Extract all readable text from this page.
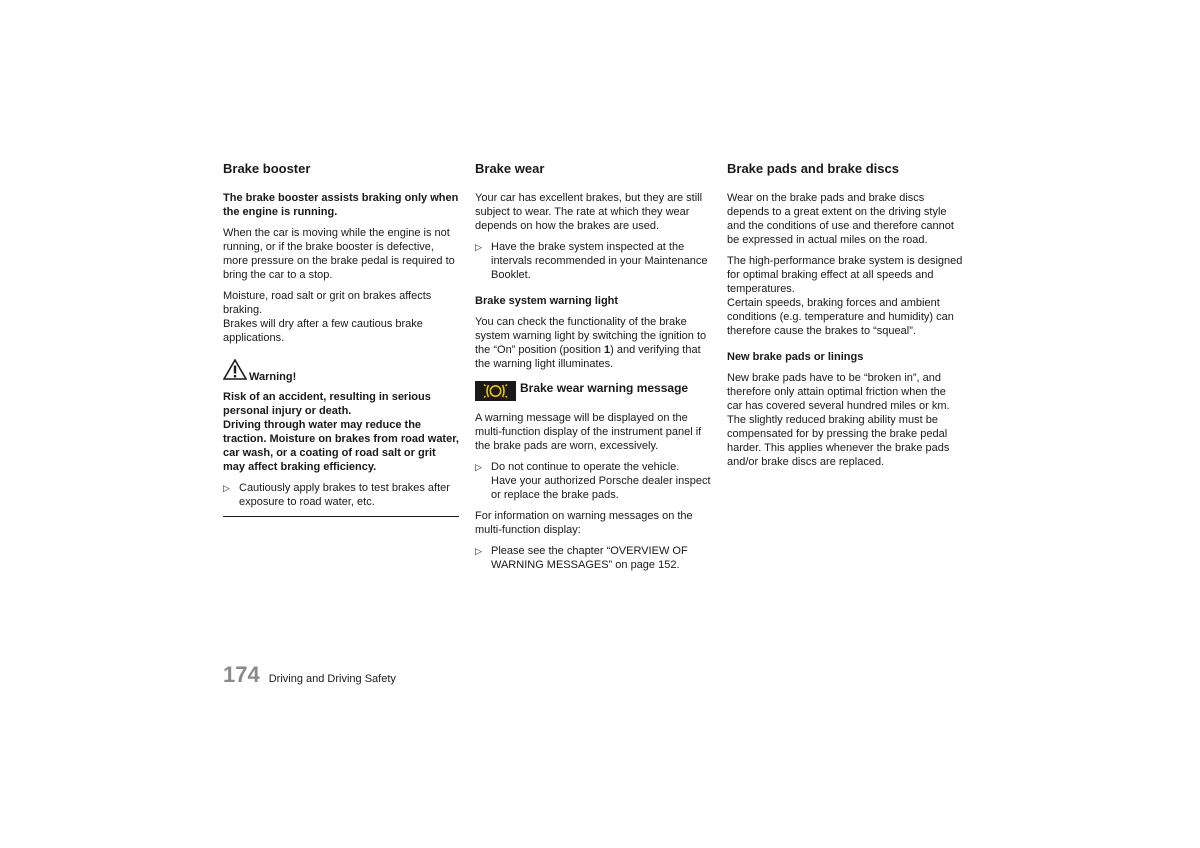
Brake booster

The brake booster assists braking only when the engine is running.

When the car is moving while the engine is not running, or if the brake booster is defective, more pressure on the brake pedal is required to bring the car to a stop.

Moisture, road salt or grit on brakes affects braking.

Brakes will dry after a few cautious brake applications.

Warning!

Risk of an accident, resulting in serious personal injury or death.

Driving through water may reduce the traction. Moisture on brakes from road water, car wash, or a coating of road salt or grit may affect braking efficiency.

▷ Cautiously apply brakes to test brakes after exposure to road water, etc.
Brake wear

Your car has excellent brakes, but they are still subject to wear. The rate at which they wear depends on how the brakes are used.

▷ Have the brake system inspected at the intervals recommended in your Maintenance Booklet.
Brake system warning light

You can check the functionality of the brake system warning light by switching the ignition to the “On” position (position 1) and verifying that the warning light illuminates.

Brake wear warning message

A warning message will be displayed on the multi-function display of the instrument panel if the brake pads are worn, excessively.

▷ Do not continue to operate the vehicle.
Have your authorized Porsche dealer inspect or replace the brake pads.

For information on warning messages on the multi-function display:

▷ Please see the chapter “OVERVIEW OF WARNING MESSAGES” on page 152.
Brake pads and brake discs

Wear on the brake pads and brake discs depends to a great extent on the driving style and the conditions of use and therefore cannot be expressed in actual miles on the road.

The high-performance brake system is designed for optimal braking effect at all speeds and temperatures.

Certain speeds, braking forces and ambient conditions (e.g. temperature and humidity) can therefore cause the brakes to “squeal”.

New brake pads or linings

New brake pads have to be “broken in”, and therefore only attain optimal friction when the car has covered several hundred miles or km.

The slightly reduced braking ability must be compensated for by pressing the brake pedal harder. This applies whenever the brake pads and/or brake discs are replaced.

174 Driving and Driving Safety
